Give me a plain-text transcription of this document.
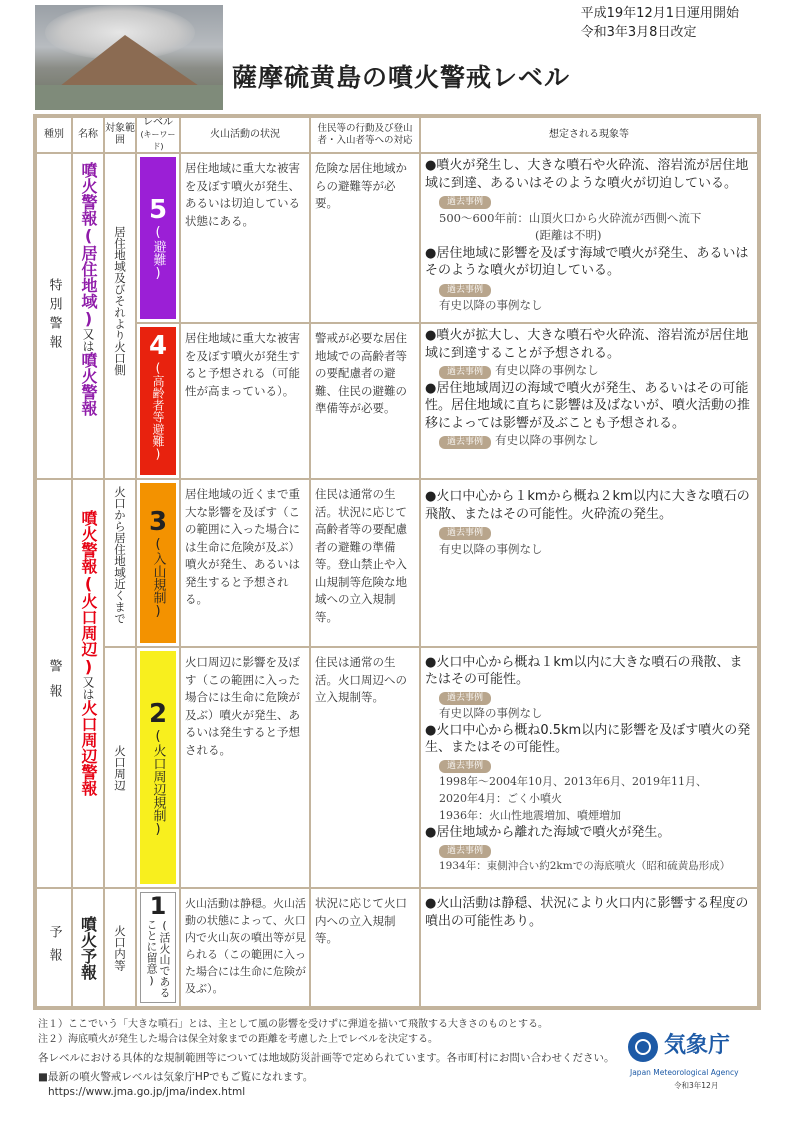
平成19年12月1日運用開始
令和3年3月8日改定
薩摩硫黄島の噴火警戒レベル
種別	名称
対象範囲
レベル
(キーワード)
火山活動の状況
住民等の行動及び登山者・入山者等への対応
想定される現象等
特別警報
警報
予報
噴火警報(居住地域)又は噴火警報
噴火警報(火口周辺)又は火口周辺警報
噴火予報
居住地域及びそれより火口側
火口から居住地域近くまで
火口周辺
火口内等
5
(避難)
4
(高齢者等避難)
3
(入山規制)
2
(火口周辺規制)
1
(活火山であることに留意)
居住地域に重大な被害を及ぼす噴火が発生、あるいは切迫している状態にある。
居住地域に重大な被害を及ぼす噴火が発生すると予想される（可能性が高まっている）。
居住地域の近くまで重大な影響を及ぼす（この範囲に入った場合には生命に危険が及ぶ）噴火が発生、あるいは発生すると予想される。
火口周辺に影響を及ぼす（この範囲に入った場合には生命に危険が及ぶ）噴火が発生、あるいは発生すると予想される。
火山活動は静穏。火山活動の状態によって、火口内で火山灰の噴出等が見られる（この範囲に入った場合には生命に危険が及ぶ）。
危険な居住地域からの避難等が必要。
警戒が必要な居住地域での高齢者等の要配慮者の避難、住民の避難の準備等が必要。
住民は通常の生活。状況に応じて高齢者等の要配慮者の避難の準備等。登山禁止や入山規制等危険な地域への立入規制等。
住民は通常の生活。火口周辺への立入規制等。
状況に応じて火口内への立入規制等。
●噴火が発生し、大きな噴石や火砕流、溶岩流が居住地域に到達、あるいはそのような噴火が切迫している。
過去事例
500～600年前：山頂火口から火砕流が西側へ流下
(距離は不明)
●居住地域に影響を及ぼす海域で噴火が発生、あるいはそのような噴火が切迫している。
過去事例
有史以降の事例なし
●噴火が拡大し、大きな噴石や火砕流、溶岩流が居住地域に到達することが予想される。
過去事例 有史以降の事例なし
●居住地域周辺の海域で噴火が発生、あるいはその可能性。居住地域に直ちに影響は及ばないが、噴火活動の推移によっては影響が及ぶことも予想される。
過去事例 有史以降の事例なし
●火口中心から１kmから概ね２km以内に大きな噴石の飛散、またはその可能性。火砕流の発生。
過去事例
有史以降の事例なし
●火口中心から概ね１km以内に大きな噴石の飛散、またはその可能性。
過去事例
有史以降の事例なし
●火口中心から概ね0.5km以内に影響を及ぼす噴火の発生、またはその可能性。
過去事例
1998年～2004年10月、2013年6月、2019年11月、
2020年4月：ごく小噴火
1936年：火山性地震増加、噴煙増加
●居住地域から離れた海域で噴火が発生。
過去事例
1934年：東側沖合い約2kmでの海底噴火（昭和硫黄島形成）
●火山活動は静穏、状況により火口内に影響する程度の噴出の可能性あり。
注１）ここでいう「大きな噴石」とは、主として風の影響を受けずに弾道を描いて飛散する大きさのものとする。
注２）海底噴火が発生した場合は保全対象までの距離を考慮した上でレベルを決定する。
各レベルにおける具体的な規制範囲等については地域防災計画等で定められています。各市町村にお問い合わせください。
■最新の噴火警戒レベルは気象庁HPでもご覧になれます。
https://www.jma.go.jp/jma/index.html
気象庁
Japan Meteorological Agency
令和3年12月
